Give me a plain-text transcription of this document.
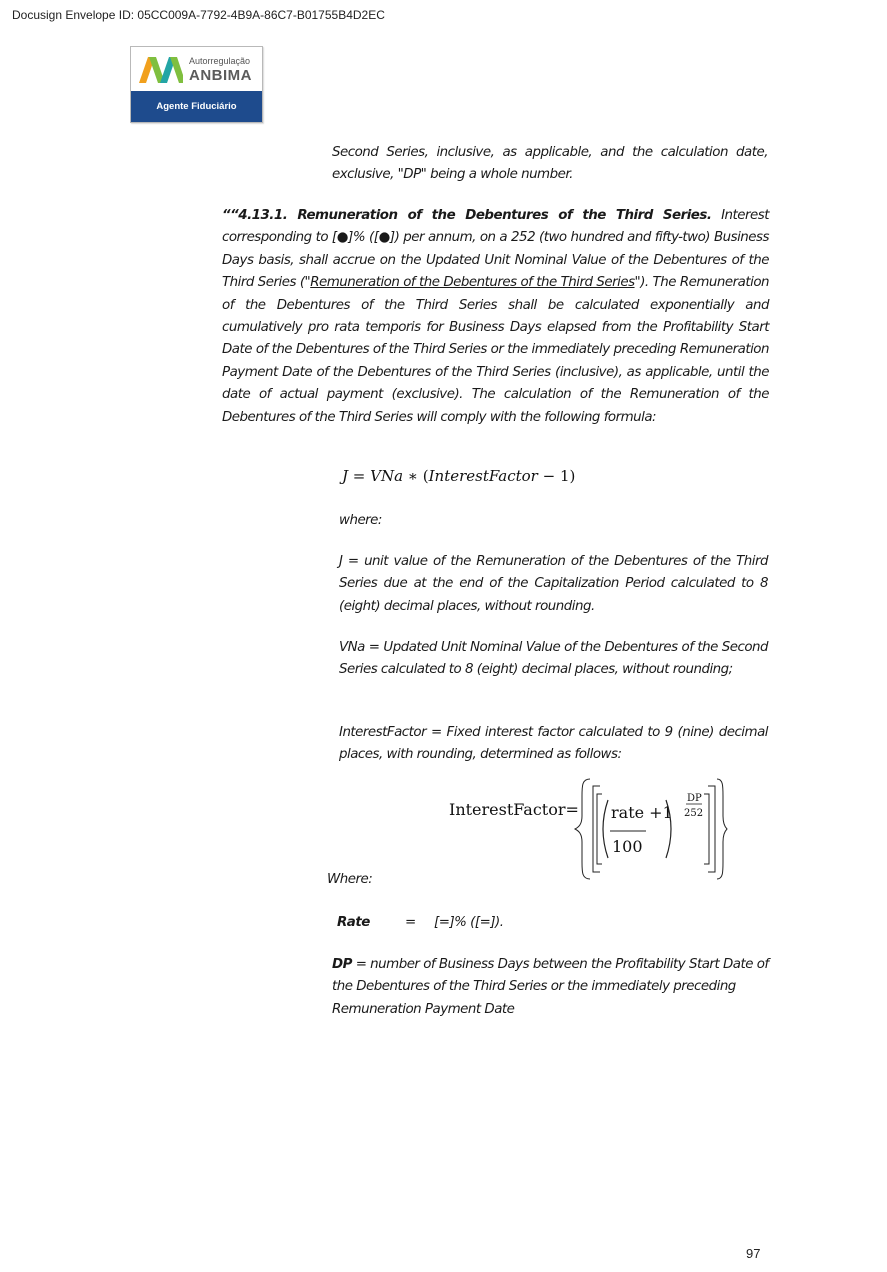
Docusign Envelope ID: 05CC009A-7792-4B9A-86C7-B01755B4D2EC
Autorregulação
ANBIMA
Agente Fiduciário
Second Series, inclusive, as applicable, and the calculation date, exclusive, "DP" being a whole number.
““4.13.1. Remuneration of the Debentures of the Third Series. Interest corresponding to [●]% ([●]) per annum, on a 252 (two hundred and fifty-two) Business Days basis, shall accrue on the Updated Unit Nominal Value of the Debentures of the Third Series ("Remuneration of the Debentures of the Third Series"). The Remuneration of the Debentures of the Third Series shall be calculated exponentially and cumulatively pro rata temporis for Business Days elapsed from the Profitability Start Date of the Debentures of the Third Series or the immediately preceding Remuneration Payment Date of the Debentures of the Third Series (inclusive), as applicable, until the date of actual payment (exclusive). The calculation of the Remuneration of the Debentures of the Third Series will comply with the following formula:
J = VNa ∗ (InterestFactor − 1)
where:
J = unit value of the Remuneration of the Debentures of the Third Series due at the end of the Capitalization Period calculated to 8 (eight) decimal places, without rounding.
VNa = Updated Unit Nominal Value of the Debentures of the Second Series calculated to 8 (eight) decimal places, without rounding;
InterestFactor = Fixed interest factor calculated to 9 (nine) decimal places, with rounding, determined as follows:
InterestFactor= rate +1
100
DP
252
Where:
Rate	= [=]% ([=]).
DP = number of Business Days between the Profitability Start Date of the Debentures of the Third Series or the immediately preceding Remuneration Payment Date
97
